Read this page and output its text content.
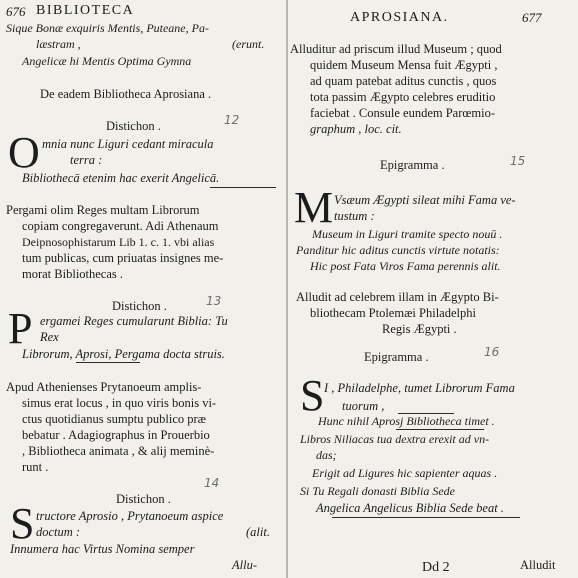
676 BIBLIOTECA
Sique Bonæ exquiris Mentis, Puteane, Pa-
læstram ,	(erunt.
Angelicæ hi Mentis Optima Gymna
De eadem Bibliotheca Aprosiana .
Distichon .	12
O mnia nunc Liguri cedant miracula
terra :
Bibliothecā etenim hac exerit Angelicā.
Pergami olim Reges multam Librorum
copiam congregaverunt. Adi Athenaum
Deipnosophistarum Lib 1. c. 1. vbi alias
tum publicas, cum priuatas insignes me-
morat Bibliothecas .
Distichon .	13
P ergamei Reges cumularunt Biblia: Tu
Rex
Librorum, Aprosi, Pergama docta struis.
Apud Athenienses Prytanoeum amplis-
simus erat locus , in quo viris bonis vi-
ctus quotidianus sumptu publico præ
bebatur . Adagiographus in Prouerbio
, Bibliotheca animata , & alij meminè-
runt .
14
Distichon .
S tructore Aprosio , Prytanoeum aspice
doctum :	(alit.
Innumera hac Virtus Nomina semper
Allu-
APROSIANA.	677
Alluditur ad priscum illud Museum ; quod
quidem Museum Mensa fuit Ægypti ,
ad quam patebat aditus cunctis , quos
tota passim Ægypto celebres eruditio
faciebat . Consule eundem Parœmio-
graphum , loc. cit.
Epigramma .	15
M Vsæum Ægypti sileat mihi Fama ve-
tustum :
Museum in Liguri tramite specto nouū .
Panditur hic aditus cunctis virtute notatis:
Hic post Fata Viros Fama perennis alit.
Alludit ad celebrem illam in Ægypto Bi-
bliothecam Ptolemæi Philadelphi
Regis Ægypti .
Epigramma .	16
S I , Philadelphe, tumet Librorum Fama
tuorum ,
Hunc nihil Aprosj Bibliotheca timet .
Libros Niliacas tua dextra erexit ad vn-
das;
Erigit ad Ligures hic sapienter aquas .
Si Tu Regali donasti Biblia Sede
Angelica Angelicus Biblia Sede beat .
Dd 2	Alludit
